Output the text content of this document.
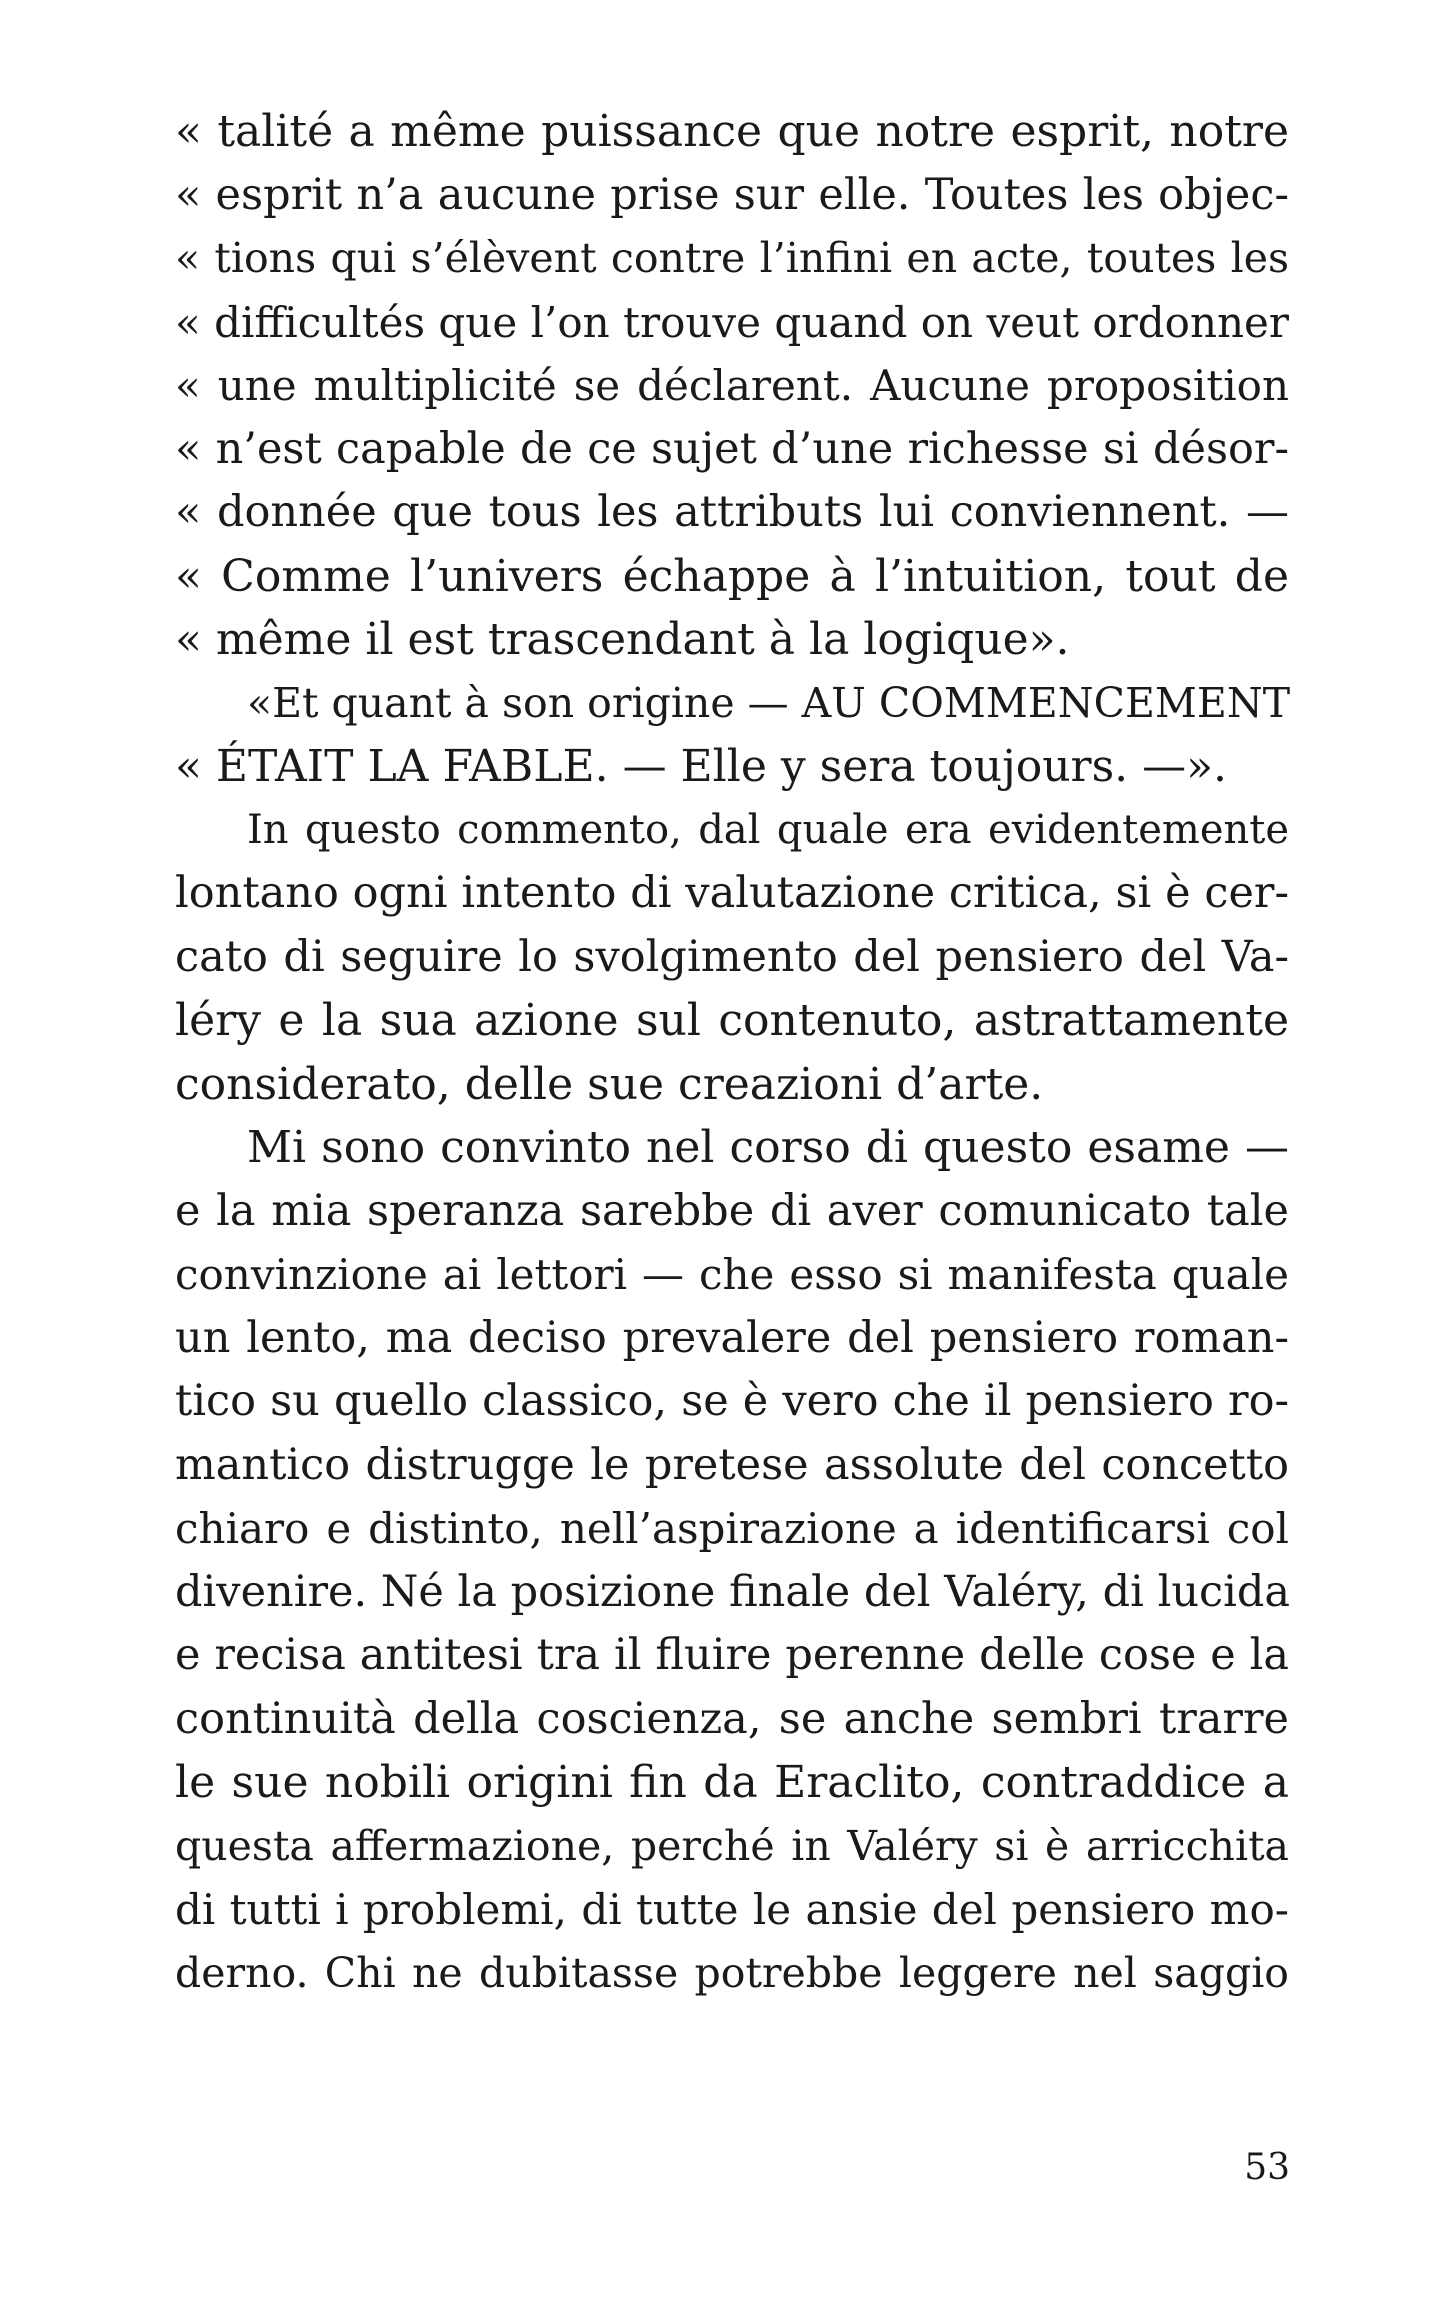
« talité a même puissance que notre esprit, notre
« esprit n’a aucune prise sur elle. Toutes les objec-
« tions qui s’élèvent contre l’infini en acte, toutes les
« difficultés que l’on trouve quand on veut ordonner
« une multiplicité se déclarent. Aucune proposition
« n’est capable de ce sujet d’une richesse si désor-
« donnée que tous les attributs lui conviennent. —
« Comme l’univers échappe à l’intuition, tout de
« même il est trascendant à la logique».
«Et quant à son origine — AU COMMENCEMENT
« ÉTAIT LA FABLE. — Elle y sera toujours. —».
In questo commento, dal quale era evidentemente
lontano ogni intento di valutazione critica, si è cer-
cato di seguire lo svolgimento del pensiero del Va-
léry e la sua azione sul contenuto, astrattamente
considerato, delle sue creazioni d’arte.
Mi sono convinto nel corso di questo esame —
e la mia speranza sarebbe di aver comunicato tale
convinzione ai lettori — che esso si manifesta quale
un lento, ma deciso prevalere del pensiero roman-
tico su quello classico, se è vero che il pensiero ro-
mantico distrugge le pretese assolute del concetto
chiaro e distinto, nell’aspirazione a identificarsi col
divenire. Né la posizione finale del Valéry, di lucida
e recisa antitesi tra il fluire perenne delle cose e la
continuità della coscienza, se anche sembri trarre
le sue nobili origini fin da Eraclito, contraddice a
questa affermazione, perché in Valéry si è arricchita
di tutti i problemi, di tutte le ansie del pensiero mo-
derno. Chi ne dubitasse potrebbe leggere nel saggio
53
